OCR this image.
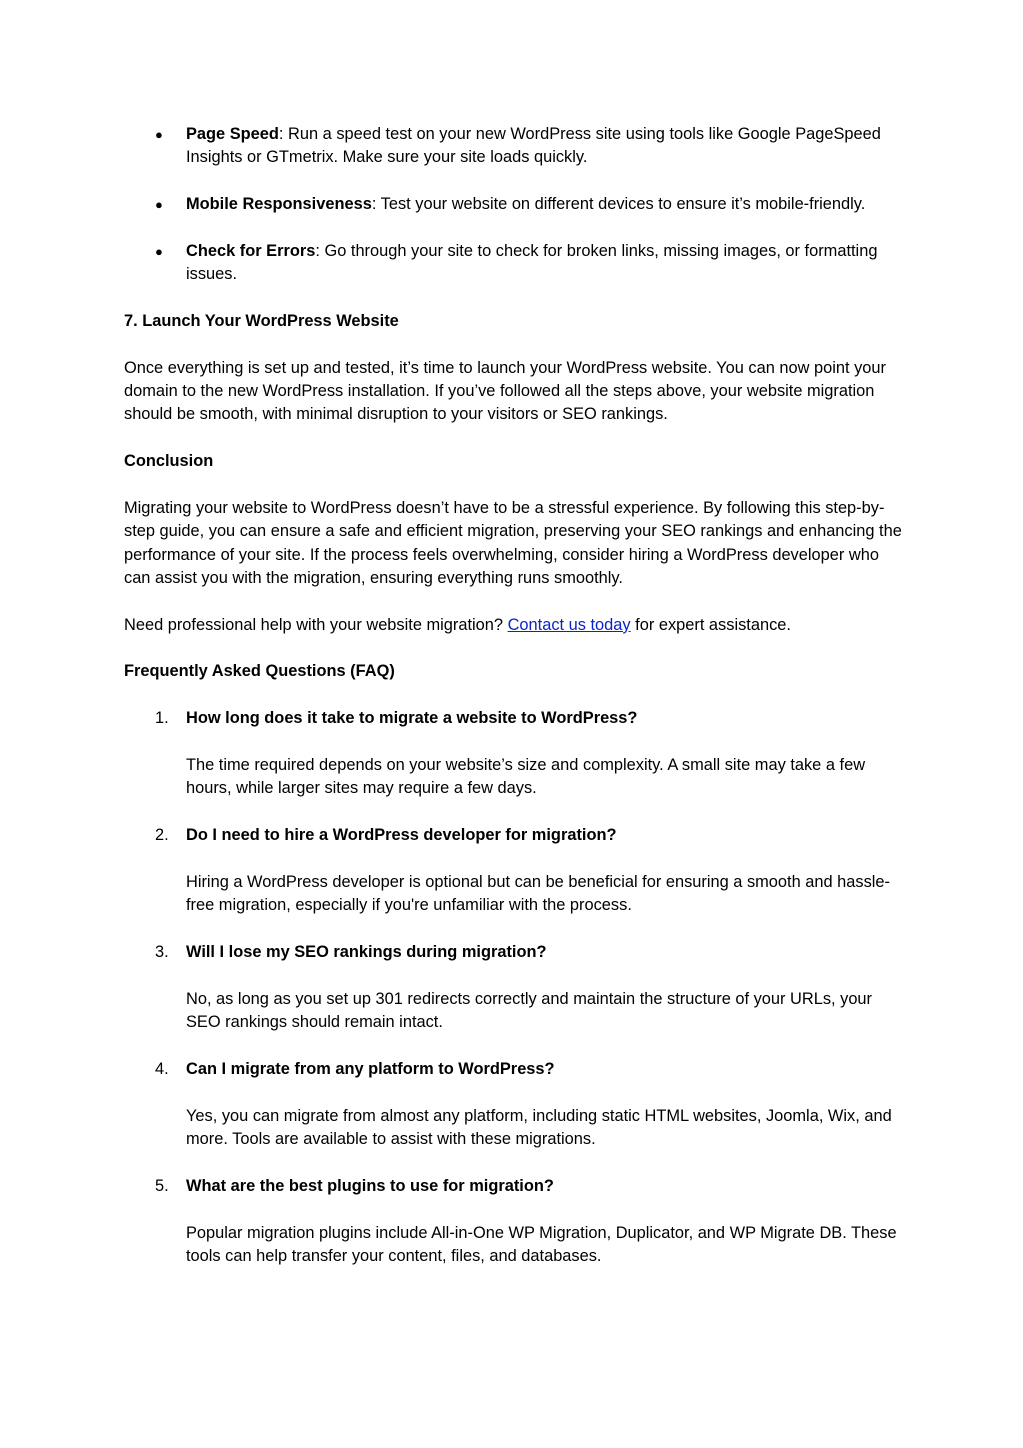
● Page Speed: Run a speed test on your new WordPress site using tools like Google PageSpeed Insights or GTmetrix. Make sure your site loads quickly.
● Mobile Responsiveness: Test your website on different devices to ensure it’s mobile-friendly.
● Check for Errors: Go through your site to check for broken links, missing images, or formatting issues.

7. Launch Your WordPress Website

Once everything is set up and tested, it’s time to launch your WordPress website. You can now point your domain to the new WordPress installation. If you’ve followed all the steps above, your website migration should be smooth, with minimal disruption to your visitors or SEO rankings.

Conclusion

Migrating your website to WordPress doesn’t have to be a stressful experience. By following this step-by-step guide, you can ensure a safe and efficient migration, preserving your SEO rankings and enhancing the performance of your site. If the process feels overwhelming, consider hiring a WordPress developer who can assist you with the migration, ensuring everything runs smoothly.

Need professional help with your website migration? Contact us today for expert assistance.

Frequently Asked Questions (FAQ)

1. How long does it take to migrate a website to WordPress?
The time required depends on your website’s size and complexity. A small site may take a few hours, while larger sites may require a few days.
2. Do I need to hire a WordPress developer for migration?
Hiring a WordPress developer is optional but can be beneficial for ensuring a smooth and hassle-free migration, especially if you're unfamiliar with the process.
3. Will I lose my SEO rankings during migration?
No, as long as you set up 301 redirects correctly and maintain the structure of your URLs, your SEO rankings should remain intact.
4. Can I migrate from any platform to WordPress?
Yes, you can migrate from almost any platform, including static HTML websites, Joomla, Wix, and more. Tools are available to assist with these migrations.
5. What are the best plugins to use for migration?
Popular migration plugins include All-in-One WP Migration, Duplicator, and WP Migrate DB. These tools can help transfer your content, files, and databases.
